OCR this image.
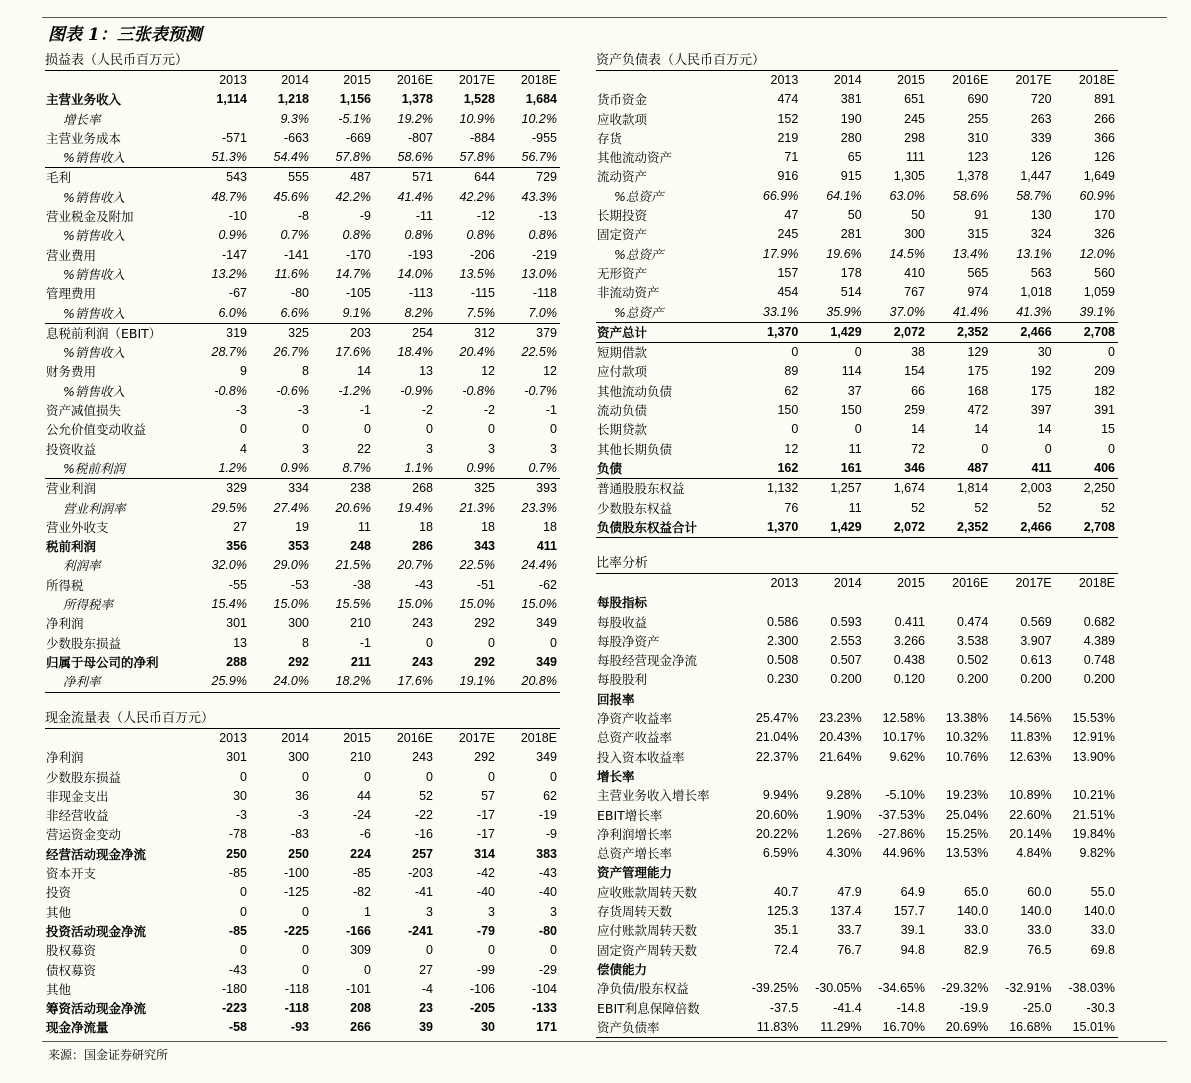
图表 1：三张表预测
损益表（人民币百万元）
	2013	2014	2015	2016E	2017E	2018E
主营业务收入	1,114	1,218	1,156	1,378	1,528	1,684
增长率		9.3%	-5.1%	19.2%	10.9%	10.2%
主营业务成本	-571	-663	-669	-807	-884	-955
%销售收入	51.3%	54.4%	57.8%	58.6%	57.8%	56.7%
毛利	543	555	487	571	644	729
%销售收入	48.7%	45.6%	42.2%	41.4%	42.2%	43.3%
营业税金及附加	-10	-8	-9	-11	-12	-13
%销售收入	0.9%	0.7%	0.8%	0.8%	0.8%	0.8%
营业费用	-147	-141	-170	-193	-206	-219
%销售收入	13.2%	11.6%	14.7%	14.0%	13.5%	13.0%
管理费用	-67	-80	-105	-113	-115	-118
%销售收入	6.0%	6.6%	9.1%	8.2%	7.5%	7.0%
息税前利润（EBIT）	319	325	203	254	312	379
%销售收入	28.7%	26.7%	17.6%	18.4%	20.4%	22.5%
财务费用	9	8	14	13	12	12
%销售收入	-0.8%	-0.6%	-1.2%	-0.9%	-0.8%	-0.7%
资产减值损失	-3	-3	-1	-2	-2	-1
公允价值变动收益	0	0	0	0	0	0
投资收益	4	3	22	3	3	3
%税前利润	1.2%	0.9%	8.7%	1.1%	0.9%	0.7%
营业利润	329	334	238	268	325	393
营业利润率	29.5%	27.4%	20.6%	19.4%	21.3%	23.3%
营业外收支	27	19	11	18	18	18
税前利润	356	353	248	286	343	411
利润率	32.0%	29.0%	21.5%	20.7%	22.5%	24.4%
所得税	-55	-53	-38	-43	-51	-62
所得税率	15.4%	15.0%	15.5%	15.0%	15.0%	15.0%
净利润	301	300	210	243	292	349
少数股东损益	13	8	-1	0	0	0
归属于母公司的净利	288	292	211	243	292	349
净利率	25.9%	24.0%	18.2%	17.6%	19.1%	20.8%
现金流量表（人民币百万元）
	2013	2014	2015	2016E	2017E	2018E
净利润	301	300	210	243	292	349
少数股东损益	0	0	0	0	0	0
非现金支出	30	36	44	52	57	62
非经营收益	-3	-3	-24	-22	-17	-19
营运资金变动	-78	-83	-6	-16	-17	-9
经营活动现金净流	250	250	224	257	314	383
资本开支	-85	-100	-85	-203	-42	-43
投资	0	-125	-82	-41	-40	-40
其他	0	0	1	3	3	3
投资活动现金净流	-85	-225	-166	-241	-79	-80
股权募资	0	0	309	0	0	0
债权募资	-43	0	0	27	-99	-29
其他	-180	-118	-101	-4	-106	-104
筹资活动现金净流	-223	-118	208	23	-205	-133
现金净流量	-58	-93	266	39	30	171
资产负债表（人民币百万元）
	2013	2014	2015	2016E	2017E	2018E
货币资金	474	381	651	690	720	891
应收款项	152	190	245	255	263	266
存货	219	280	298	310	339	366
其他流动资产	71	65	111	123	126	126
流动资产	916	915	1,305	1,378	1,447	1,649
%总资产	66.9%	64.1%	63.0%	58.6%	58.7%	60.9%
长期投资	47	50	50	91	130	170
固定资产	245	281	300	315	324	326
%总资产	17.9%	19.6%	14.5%	13.4%	13.1%	12.0%
无形资产	157	178	410	565	563	560
非流动资产	454	514	767	974	1,018	1,059
%总资产	33.1%	35.9%	37.0%	41.4%	41.3%	39.1%
资产总计	1,370	1,429	2,072	2,352	2,466	2,708
短期借款	0	0	38	129	30	0
应付款项	89	114	154	175	192	209
其他流动负债	62	37	66	168	175	182
流动负债	150	150	259	472	397	391
长期贷款	0	0	14	14	14	15
其他长期负债	12	11	72	0	0	0
负债	162	161	346	487	411	406
普通股股东权益	1,132	1,257	1,674	1,814	2,003	2,250
少数股东权益	76	11	52	52	52	52
负债股东权益合计	1,370	1,429	2,072	2,352	2,466	2,708
比率分析
	2013	2014	2015	2016E	2017E	2018E
每股指标						
每股收益	0.586	0.593	0.411	0.474	0.569	0.682
每股净资产	2.300	2.553	3.266	3.538	3.907	4.389
每股经营现金净流	0.508	0.507	0.438	0.502	0.613	0.748
每股股利	0.230	0.200	0.120	0.200	0.200	0.200
回报率						
净资产收益率	25.47%	23.23%	12.58%	13.38%	14.56%	15.53%
总资产收益率	21.04%	20.43%	10.17%	10.32%	11.83%	12.91%
投入资本收益率	22.37%	21.64%	9.62%	10.76%	12.63%	13.90%
增长率						
主营业务收入增长率	9.94%	9.28%	-5.10%	19.23%	10.89%	10.21%
EBIT增长率	20.60%	1.90%	-37.53%	25.04%	22.60%	21.51%
净利润增长率	20.22%	1.26%	-27.86%	15.25%	20.14%	19.84%
总资产增长率	6.59%	4.30%	44.96%	13.53%	4.84%	9.82%
资产管理能力						
应收账款周转天数	40.7	47.9	64.9	65.0	60.0	55.0
存货周转天数	125.3	137.4	157.7	140.0	140.0	140.0
应付账款周转天数	35.1	33.7	39.1	33.0	33.0	33.0
固定资产周转天数	72.4	76.7	94.8	82.9	76.5	69.8
偿债能力						
净负债/股东权益	-39.25%	-30.05%	-34.65%	-29.32%	-32.91%	-38.03%
EBIT利息保障倍数	-37.5	-41.4	-14.8	-19.9	-25.0	-30.3
资产负债率	11.83%	11.29%	16.70%	20.69%	16.68%	15.01%
来源：国金证券研究所
